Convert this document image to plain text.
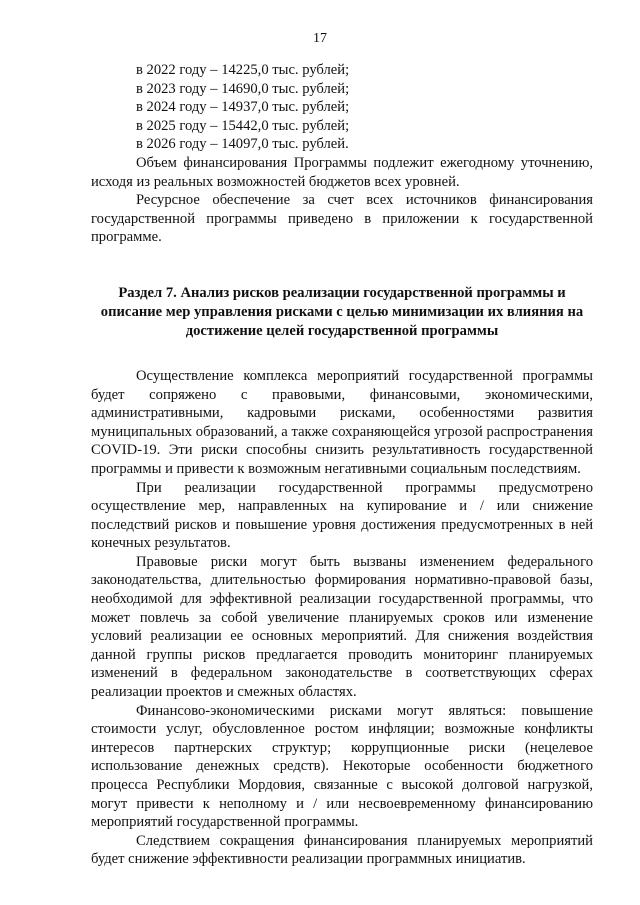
17

в 2022 году – 14225,0 тыс. рублей;

в 2023 году – 14690,0 тыс. рублей;

в 2024 году – 14937,0 тыс. рублей;

в 2025 году – 15442,0 тыс. рублей;

в 2026 году – 14097,0 тыс. рублей.

Объем финансирования Программы подлежит ежегодному уточнению, исходя из реальных возможностей бюджетов всех уровней.

Ресурсное обеспечение за счет всех источников финансирования государственной программы приведено в приложении к государственной программе.

Раздел 7. Анализ рисков реализации государственной программы и описание мер управления рисками с целью минимизации их влияния на достижение целей государственной программы

Осуществление комплекса мероприятий государственной программы будет сопряжено с правовыми, финансовыми, экономическими, административными, кадровыми рисками, особенностями развития муниципальных образований, а также сохраняющейся угрозой распространения COVID-19. Эти риски способны снизить результативность государственной программы и привести к возможным негативными социальным последствиям.

При реализации государственной программы предусмотрено осуществление мер, направленных на купирование и / или снижение последствий рисков и повышение уровня достижения предусмотренных в ней конечных результатов.

Правовые риски могут быть вызваны изменением федерального законодательства, длительностью формирования нормативно-правовой базы, необходимой для эффективной реализации государственной программы, что может повлечь за собой увеличение планируемых сроков или изменение условий реализации ее основных мероприятий. Для снижения воздействия данной группы рисков предлагается проводить мониторинг планируемых изменений в федеральном законодательстве в соответствующих сферах реализации проектов и смежных областях.

Финансово-экономическими рисками могут являться: повышение стоимости услуг, обусловленное ростом инфляции; возможные конфликты интересов партнерских структур; коррупционные риски (нецелевое использование денежных средств). Некоторые особенности бюджетного процесса Республики Мордовия, связанные с высокой долговой нагрузкой, могут привести к неполному и / или несвоевременному финансированию мероприятий государственной программы.

Следствием сокращения финансирования планируемых мероприятий будет снижение эффективности реализации программных инициатив.
